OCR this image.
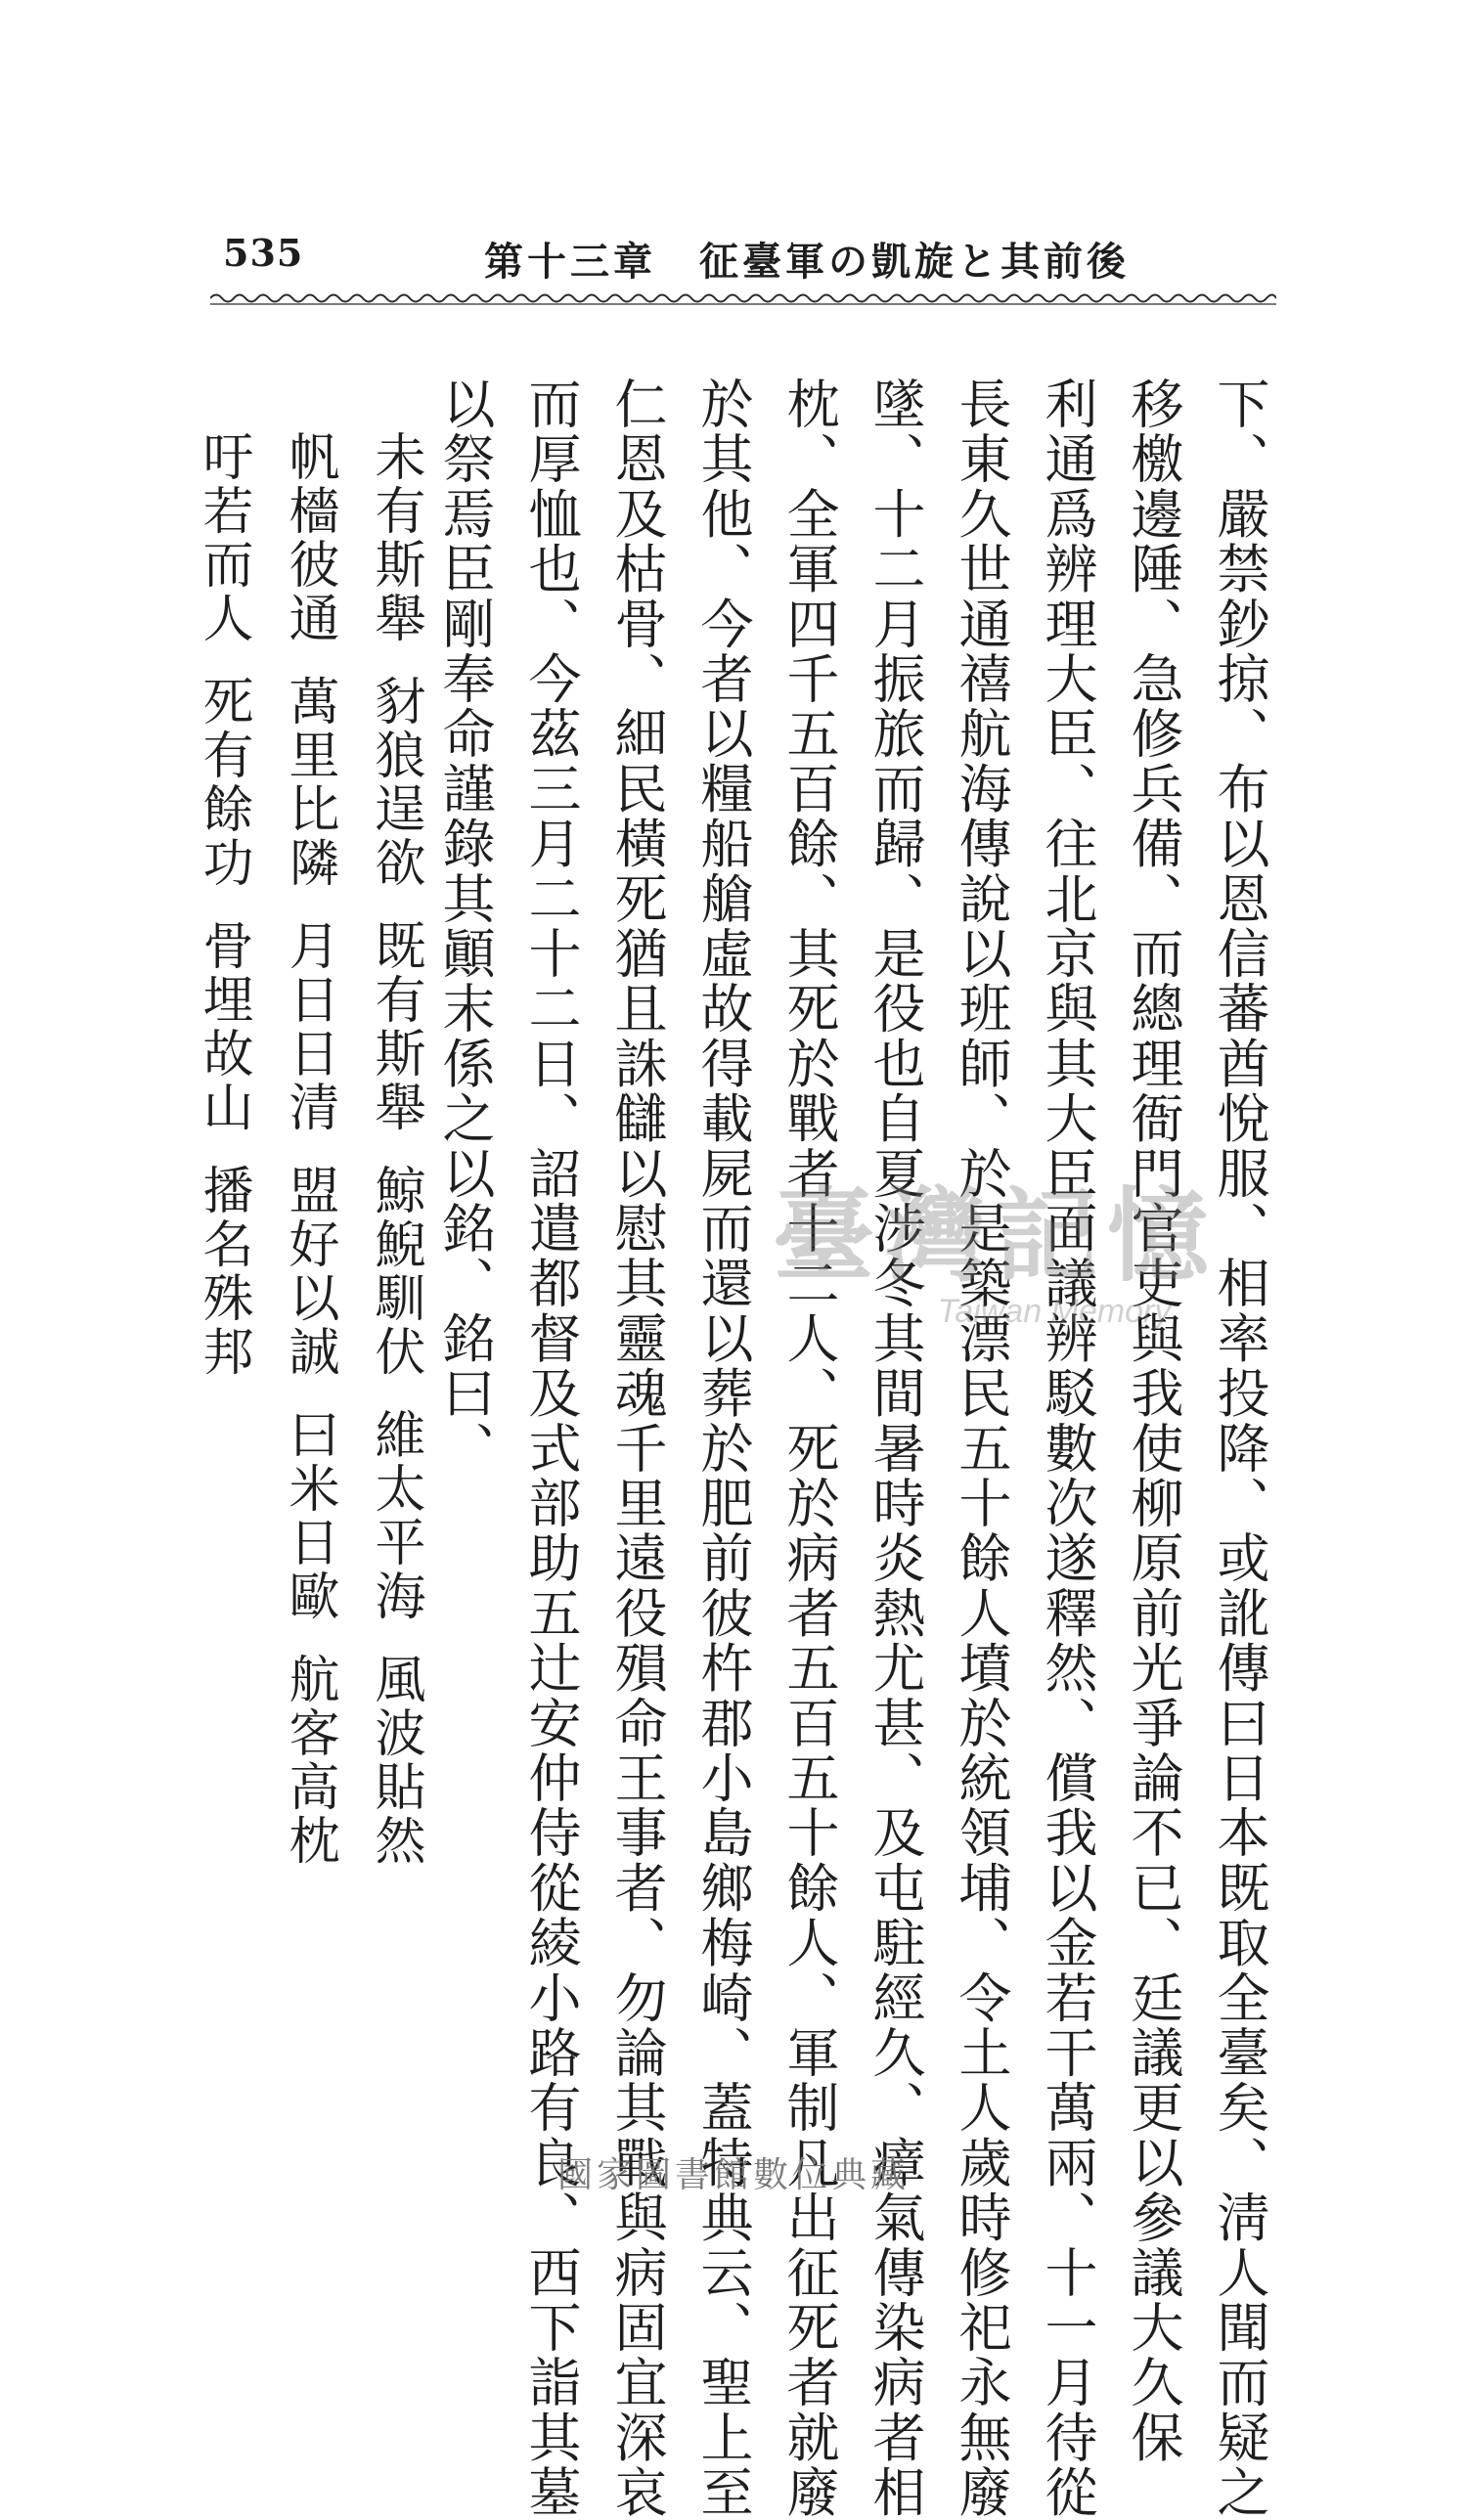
535	第十三章　征臺軍の凱旋と其前後
下、嚴禁鈔掠、布以恩信蕃酋悅服、相率投降、或訛傳曰日本既取全臺矣、淸人聞而疑之
移檄邊陲、急修兵備、而總理衙門官吏與我使柳原前光爭論不已、廷議更以參議大久保
利通爲辨理大臣、往北京與其大臣面議辨駁數次遂釋然、償我以金若干萬兩、十一月待從
長東久世通禧航海傳說以班師、於是築漂民五十餘人墳於統領埔、令土人歲時修祀永無廢
墜、十二月振旅而歸、是役也自夏涉冬其間暑時炎熱尤甚、及屯駐經久、瘴氣傳染病者相
枕、全軍四千五百餘、其死於戰者十二人、死於病者五百五十餘人、軍制凡出征死者就廢
於其他、今者以糧船艙虛故得載屍而還以葬於肥前彼杵郡小島鄉梅崎、蓋特典云、聖上至
仁恩及枯骨、細民橫死猶且誅讎以慰其靈魂千里遠役殞命王事者、勿論其戰與病固宜深哀
而厚恤也、今茲三月二十二日、詔遣都督及式部助五辻安仲侍從綾小路有良、西下詣其墓
以祭焉臣剛奉命謹錄其顚末係之以銘、銘曰、
未有斯舉
豺狼逞欲
既有斯舉
鯨鯢馴伏
維太平海
風波貼然
帆檣彼通
萬里比隣
月日日清
盟好以誠
曰米日歐
航客高枕
吁若而人
死有餘功
骨埋故山
播名殊邦	臺灣記憶
Taiwan Memory
國家圖書館數位典藏
